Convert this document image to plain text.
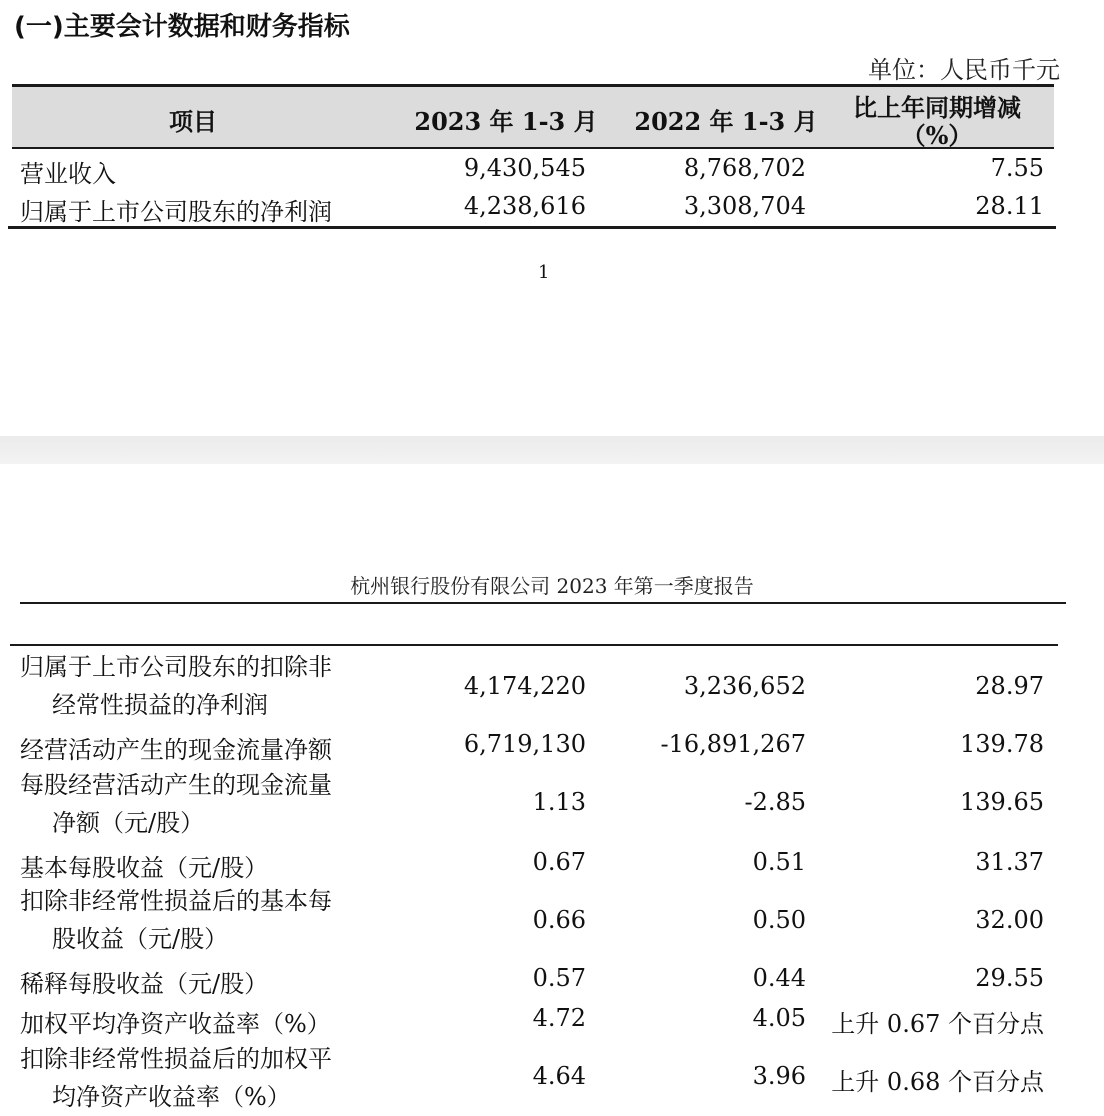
(一)主要会计数据和财务指标
单位：人民币千元
项目	2023 年 1-3 月	2022 年 1-3 月	比上年同期增减
（%）
营业收入	9,430,545	8,768,702	7.55
归属于上市公司股东的净利润	4,238,616	3,308,704	28.11
1
杭州银行股份有限公司 2023 年第一季度报告
归属于上市公司股东的扣除非
经常性损益的净利润
4,174,220	3,236,652	28.97
经营活动产生的现金流量净额	6,719,130	-16,891,267	139.78
每股经营活动产生的现金流量
净额（元/股）
1.13	-2.85	139.65
基本每股收益（元/股）	0.67	0.51	31.37
扣除非经常性损益后的基本每
股收益（元/股）
0.66	0.50	32.00
稀释每股收益（元/股）	0.57	0.44	29.55
加权平均净资产收益率（%）	4.72	4.05	上升 0.67 个百分点
扣除非经常性损益后的加权平
均净资产收益率（%）
4.64	3.96	上升 0.68 个百分点
